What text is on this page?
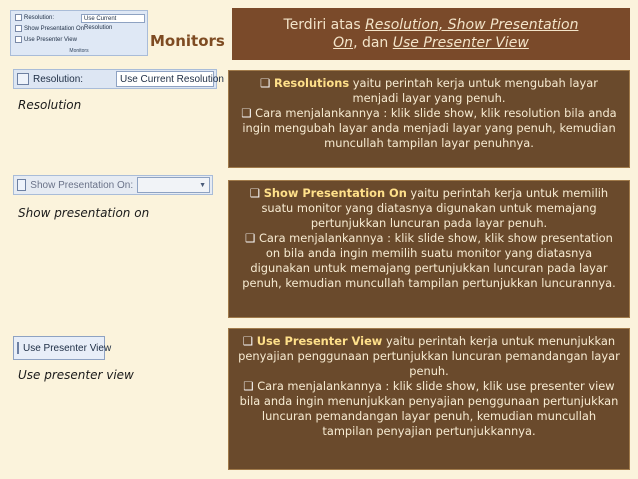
Resolution:	Use Current Resolution
Show Presentation On:
Use Presenter View
Monitors
Monitors
Terdiri atas Resolution, Show Presentation
On, dan Use Presenter View
Resolution:	Use Current Resolution
Resolution
Show Presentation On:	▼
Show presentation on
Use Presenter View
Use presenter view

❑ Resolutions yaitu perintah kerja untuk mengubah layar menjadi layar yang penuh.

❑ Cara menjalankannya : klik slide show, klik resolution bila anda ingin mengubah layar anda menjadi layar yang penuh, kemudian muncullah tampilan layar penuhnya.

❑ Show Presentation On yaitu perintah kerja untuk memilih suatu monitor yang diatasnya digunakan untuk memajang pertunjukkan luncuran pada layar penuh.

❑ Cara menjalankannya : klik slide show, klik show presentation on bila anda ingin memilih suatu monitor yang diatasnya digunakan untuk memajang pertunjukkan luncuran pada layar penuh, kemudian muncullah tampilan pertunjukkan luncurannya.

❑ Use Presenter View yaitu perintah kerja untuk menunjukkan penyajian penggunaan pertunjukkan luncuran pemandangan layar penuh.

❑ Cara menjalankannya : klik slide show, klik use presenter view bila anda ingin menunjukkan penyajian penggunaan pertunjukkan luncuran pemandangan layar penuh, kemudian muncullah tampilan penyajian pertunjukkannya.
